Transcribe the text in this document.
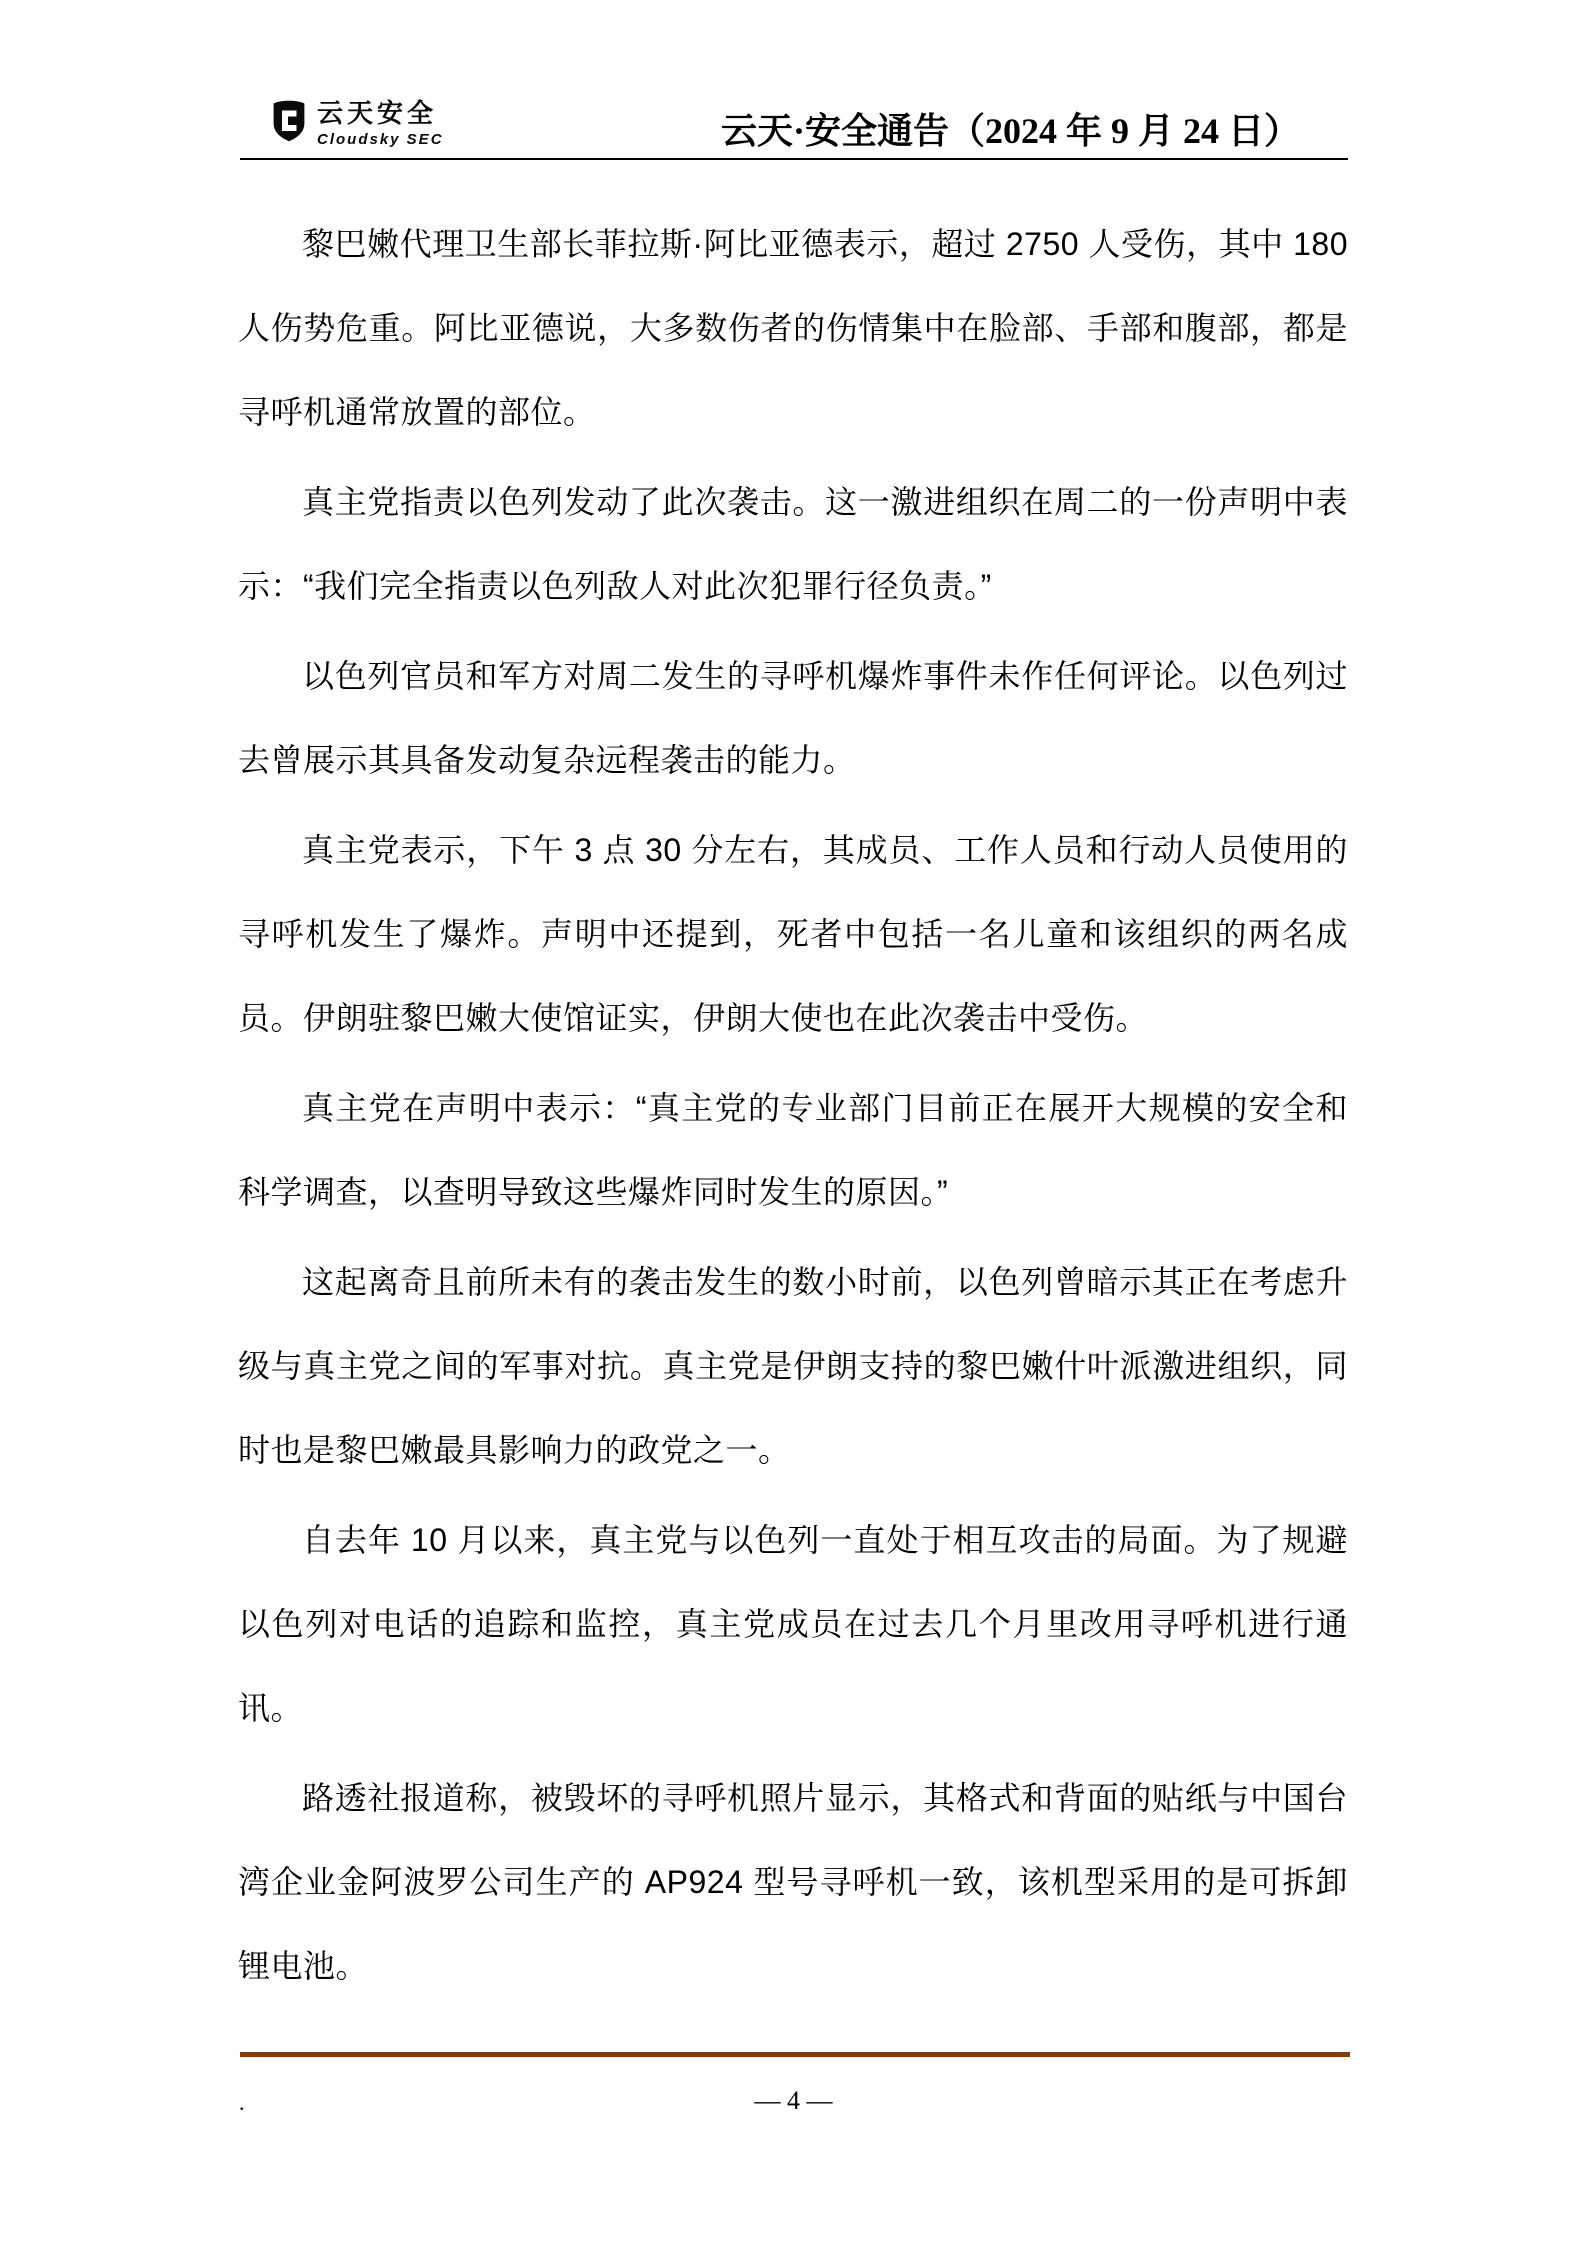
云天安全
Cloudsky SEC	云天·安全通告（2024 年 9 月 24 日）

黎巴嫩代理卫生部长菲拉斯·阿比亚德表示，超过 2750 人受伤，其中 180 人伤势危重。阿比亚德说，大多数伤者的伤情集中在脸部、手部和腹部，都是寻呼机通常放置的部位。

真主党指责以色列发动了此次袭击。这一激进组织在周二的一份声明中表示：“我们完全指责以色列敌人对此次犯罪行径负责。”

以色列官员和军方对周二发生的寻呼机爆炸事件未作任何评论。以色列过去曾展示其具备发动复杂远程袭击的能力。

真主党表示，下午 3 点 30 分左右，其成员、工作人员和行动人员使用的寻呼机发生了爆炸。声明中还提到，死者中包括一名儿童和该组织的两名成员。伊朗驻黎巴嫩大使馆证实，伊朗大使也在此次袭击中受伤。

真主党在声明中表示：“真主党的专业部门目前正在展开大规模的安全和科学调查，以查明导致这些爆炸同时发生的原因。”

这起离奇且前所未有的袭击发生的数小时前，以色列曾暗示其正在考虑升级与真主党之间的军事对抗。真主党是伊朗支持的黎巴嫩什叶派激进组织，同时也是黎巴嫩最具影响力的政党之一。

自去年 10 月以来，真主党与以色列一直处于相互攻击的局面。为了规避以色列对电话的追踪和监控，真主党成员在过去几个月里改用寻呼机进行通讯。

路透社报道称，被毁坏的寻呼机照片显示，其格式和背面的贴纸与中国台湾企业金阿波罗公司生产的 AP924 型号寻呼机一致，该机型采用的是可拆卸锂电池。

.	— 4 —
